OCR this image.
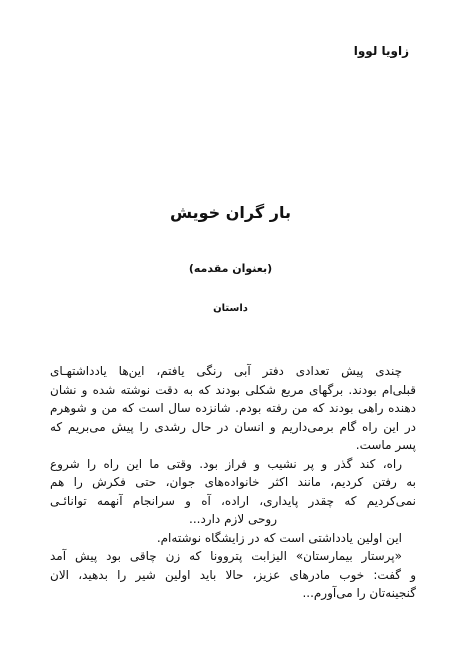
زاویا لووا
بار گران خویش
(بعنوان مقدمه)
داستان
چندی پیش تعدادی دفتر آبی رنگی یافتم، این‌ها یادداشتهـای
قبلی‌ام بودند. برگهای مربع شکلی بودند که به دقت نوشته شده و نشان
دهنده راهی بودند که من رفته بودم. شانزده سال است که من و شوهرم
در این راه گام برمی‌داریم و انسان در حال رشدی را پیش می‌بریم که
پسر ماست.
راه، کند گذر و پر نشیب و فراز بود. وقتی ما این راه را شروع
به رفتن کردیم، مانند اکثر خانواده‌های جوان، حتی فکرش را هم
نمی‌کردیم که چقدر پایداری، اراده، آه و سرانجام آنهمه توانائـی
روحی لازم دارد...
این اولین یادداشتی است که در زایشگاه نوشته‌ام.
«پرستار بیمارستان» الیزابت پتروونا که زن چاقی بود پیش آمد
و گفت: خوب مادرهای عزیز، حالا باید اولین شیر را بدهید، الان
گنجینه‌تان را می‌آورم...
